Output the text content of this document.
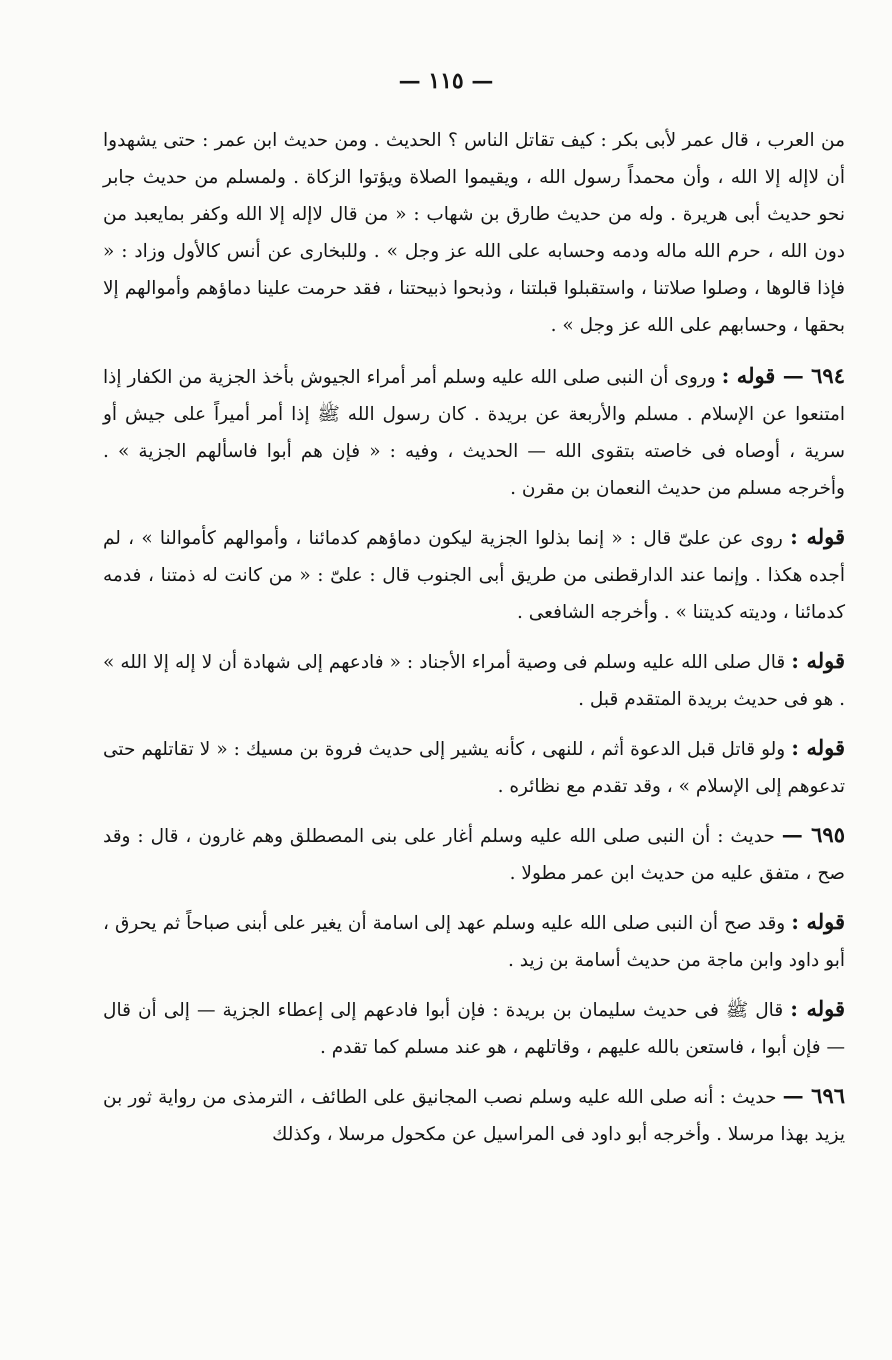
— ١١٥ —

من العرب ، قال عمر لأبى بكر : كيف تقاتل الناس ؟ الحديث . ومن حديث ابن عمر : حتى يشهدوا أن لاإله إلا الله ، وأن محمداً رسول الله ، ويقيموا الصلاة ويؤتوا الزكاة . ولمسلم من حديث جابر نحو حديث أبى هريرة . وله من حديث طارق بن شهاب : « من قال لاإله إلا الله وكفر بمايعبد من دون الله ، حرم الله ماله ودمه وحسابه على الله عز وجل » . وللبخارى عن أنس كالأول وزاد : « فإذا قالوها ، وصلوا صلاتنا ، واستقبلوا قبلتنا ، وذبحوا ذبيحتنا ، فقد حرمت علينا دماؤهم وأموالهم إلا بحقها ، وحسابهم على الله عز وجل » .

٦٩٤ — قوله : وروى أن النبى صلى الله عليه وسلم أمر أمراء الجيوش بأخذ الجزية من الكفار إذا امتنعوا عن الإسلام . مسلم والأربعة عن بريدة . كان رسول الله ﷺ إذا أمر أميراً على جيش أو سرية ، أوصاه فى خاصته بتقوى الله — الحديث ، وفيه : « فإن هم أبوا فاسألهم الجزية » . وأخرجه مسلم من حديث النعمان بن مقرن .

قوله : روى عن علىّ قال : « إنما بذلوا الجزية ليكون دماؤهم كدمائنا ، وأموالهم كأموالنا » ، لم أجده هكذا . وإنما عند الدارقطنى من طريق أبى الجنوب قال : علىّ : « من كانت له ذمتنا ، فدمه كدمائنا ، وديته كديتنا » . وأخرجه الشافعى .

قوله : قال صلى الله عليه وسلم فى وصية أمراء الأجناد : « فادعهم إلى شهادة أن لا إله إلا الله » . هو فى حديث بريدة المتقدم قبل .

قوله : ولو قاتل قبل الدعوة أثم ، للنهى ، كأنه يشير إلى حديث فروة بن مسيك : « لا تقاتلهم حتى تدعوهم إلى الإسلام » ، وقد تقدم مع نظائره .

٦٩٥ — حديث : أن النبى صلى الله عليه وسلم أغار على بنى المصطلق وهم غارون ، قال : وقد صح ، متفق عليه من حديث ابن عمر مطولا .

قوله : وقد صح أن النبى صلى الله عليه وسلم عهد إلى اسامة أن يغير على أبنى صباحاً ثم يحرق ، أبو داود وابن ماجة من حديث أسامة بن زيد .

قوله : قال ﷺ فى حديث سليمان بن بريدة : فإن أبوا فادعهم إلى إعطاء الجزية — إلى أن قال — فإن أبوا ، فاستعن بالله عليهم ، وقاتلهم ، هو عند مسلم كما تقدم .

٦٩٦ — حديث : أنه صلى الله عليه وسلم نصب المجانيق على الطائف ، الترمذى من رواية ثور بن يزيد بهذا مرسلا . وأخرجه أبو داود فى المراسيل عن مكحول مرسلا ، وكذلك
